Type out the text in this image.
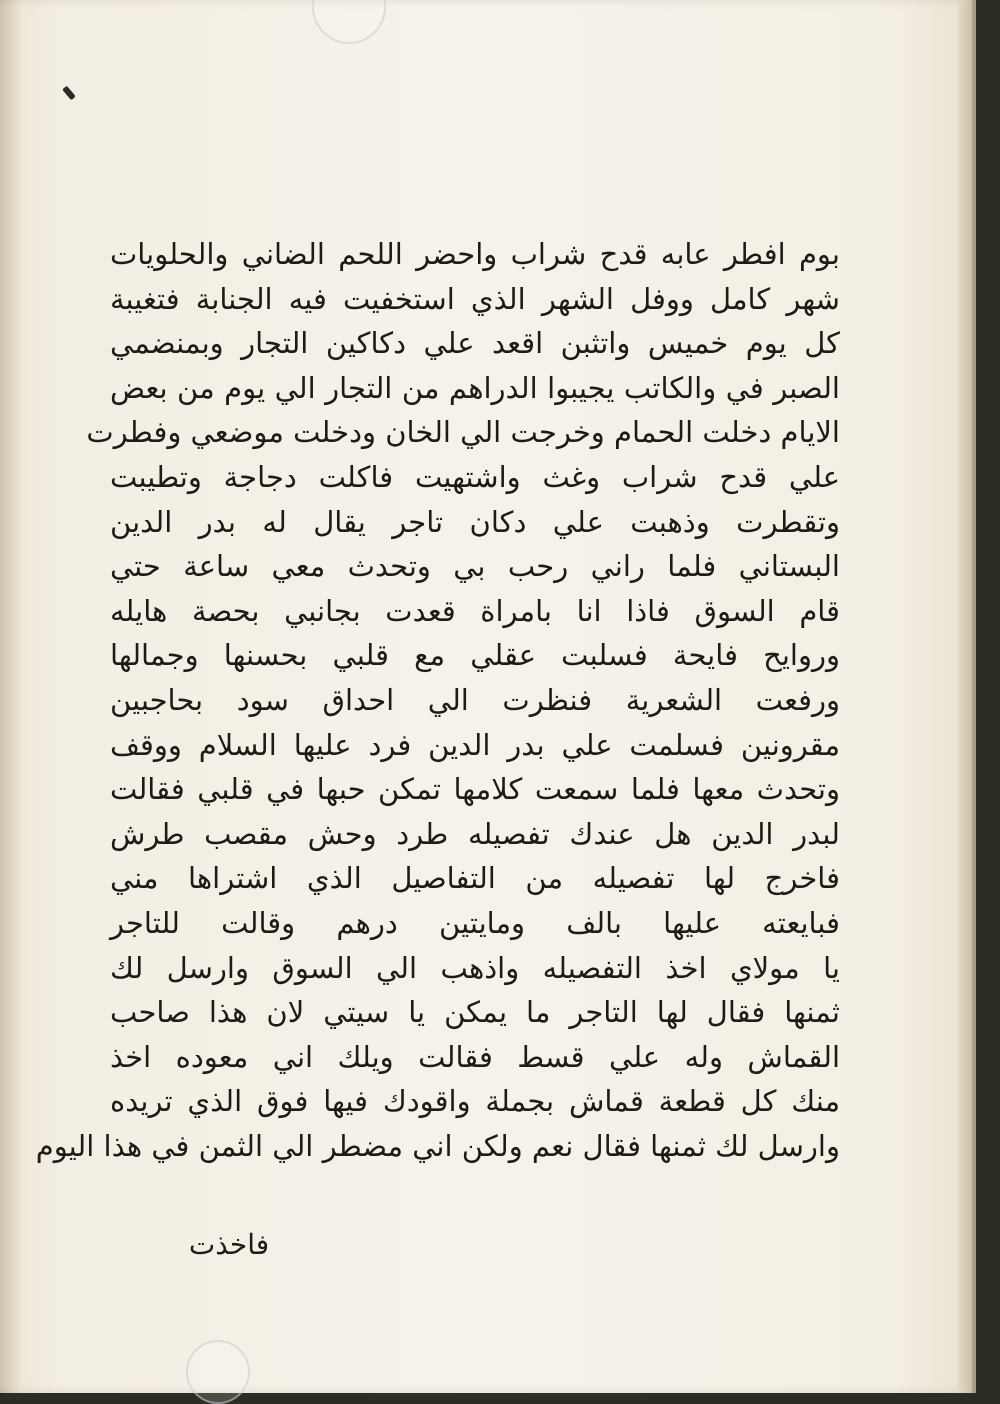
بوم افطر عابه قدح شراب واحضر اللحم الضاني والحلويات
شهر كامل ووفل الشهر الذي استخفيت فيه الجنابة فتغيبة
كل يوم خميس واتثبن اقعد علي دكاكين التجار وبمنضمي
الصبر في والكاتب يجيبوا الدراهم من التجار الي يوم من بعض
الايام دخلت الحمام وخرجت الي الخان ودخلت موضعي وفطرت
علي قدح شراب وغث واشتهيت فاكلت دجاجة وتطيبت
وتقطرت وذهبت علي دكان تاجر يقال له بدر الدين
البستاني فلما راني رحب بي وتحدث معي ساعة حتي
قام السوق فاذا انا بامراة قعدت بجانبي بحصة هايله
وروايح فايحة فسلبت عقلي مع قلبي بحسنها وجمالها
ورفعت الشعرية فنظرت الي احداق سود بحاجبين
مقرونين فسلمت علي بدر الدين فرد عليها السلام ووقف
وتحدث معها فلما سمعت كلامها تمكن حبها في قلبي فقالت
لبدر الدين هل عندك تفصيله طرد وحش مقصب طرش
فاخرج لها تفصيله من التفاصيل الذي اشتراها مني
فبايعته عليها بالف ومايتين درهم وقالت للتاجر
يا مولاي اخذ التفصيله واذهب الي السوق وارسل لك
ثمنها فقال لها التاجر ما يمكن يا سيتي لان هذا صاحب
القماش وله علي قسط فقالت ويلك اني معوده اخذ
منك كل قطعة قماش بجملة واقودك فيها فوق الذي تريده
وارسل لك ثمنها فقال نعم ولكن اني مضطر الي الثمن في هذا اليوم
فاخذت
